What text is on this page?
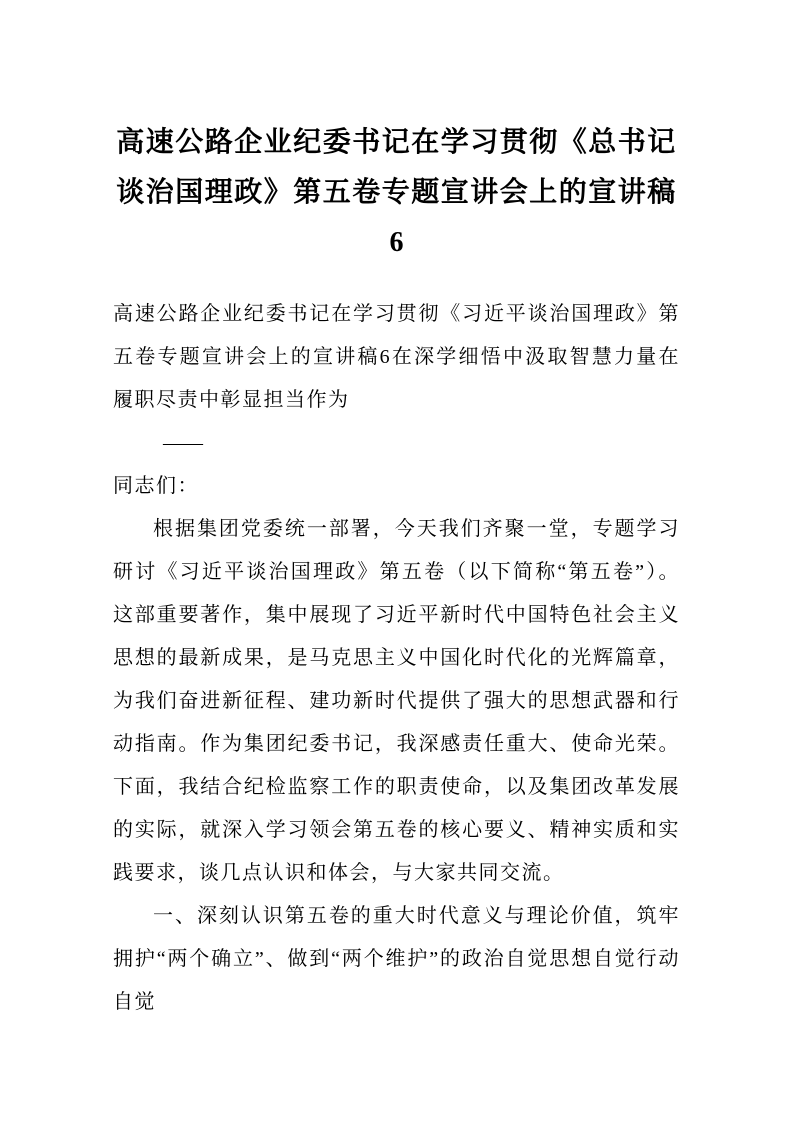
高速公路企业纪委书记在学习贯彻《总书记谈治国理政》第五卷专题宣讲会上的宣讲稿
6

高速公路企业纪委书记在学习贯彻《习近平谈治国理政》第五卷专题宣讲会上的宣讲稿6在深学细悟中汲取智慧力量在履职尽责中彰显担当作为

——

同志们：

根据集团党委统一部署，今天我们齐聚一堂，专题学习研讨《习近平谈治国理政》第五卷（以下简称“第五卷”）。这部重要著作，集中展现了习近平新时代中国特色社会主义思想的最新成果，是马克思主义中国化时代化的光辉篇章，为我们奋进新征程、建功新时代提供了强大的思想武器和行动指南。作为集团纪委书记，我深感责任重大、使命光荣。下面，我结合纪检监察工作的职责使命，以及集团改革发展的实际，就深入学习领会第五卷的核心要义、精神实质和实践要求，谈几点认识和体会，与大家共同交流。

一、深刻认识第五卷的重大时代意义与理论价值，筑牢拥护“两个确立”、做到“两个维护”的政治自觉思想自觉行动自觉
